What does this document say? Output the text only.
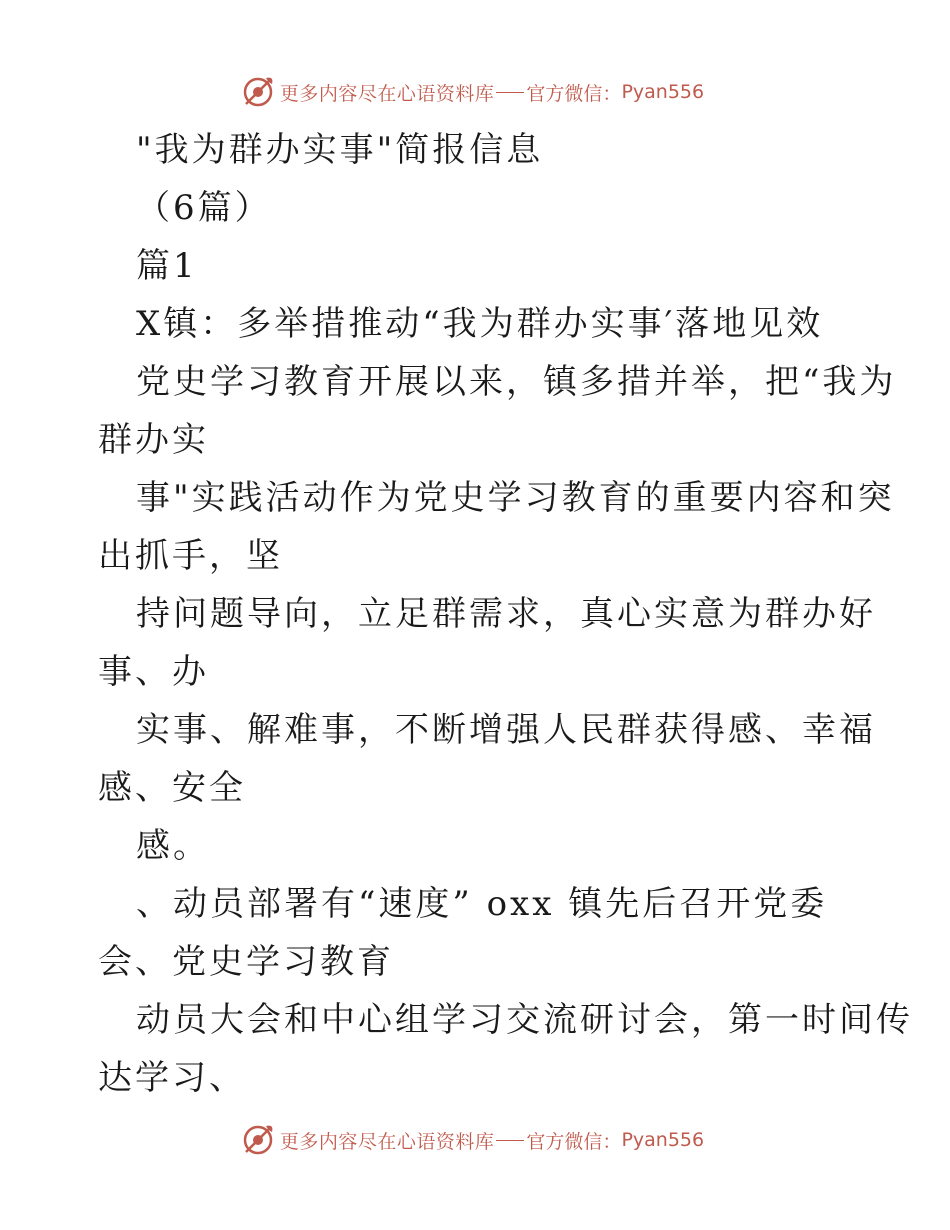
更多内容尽在心语资料库 官方微信： Pyan556
"我为群办实事"简报信息
（6篇）
篇1
X镇：多举措推动“我为群办实事′落地见效
党史学习教育开展以来，镇多措并举，把“我为
群办实
事"实践活动作为党史学习教育的重要内容和突
出抓手，坚
持问题导向，立足群需求，真心实意为群办好
事、办
实事、解难事，不断增强人民群获得感、幸福
感、安全
感。
、动员部署有“速度” oxx 镇先后召开党委
会、党史学习教育
动员大会和中心组学习交流研讨会，第一时间传
达学习、
更多内容尽在心语资料库 官方微信： Pyan556
